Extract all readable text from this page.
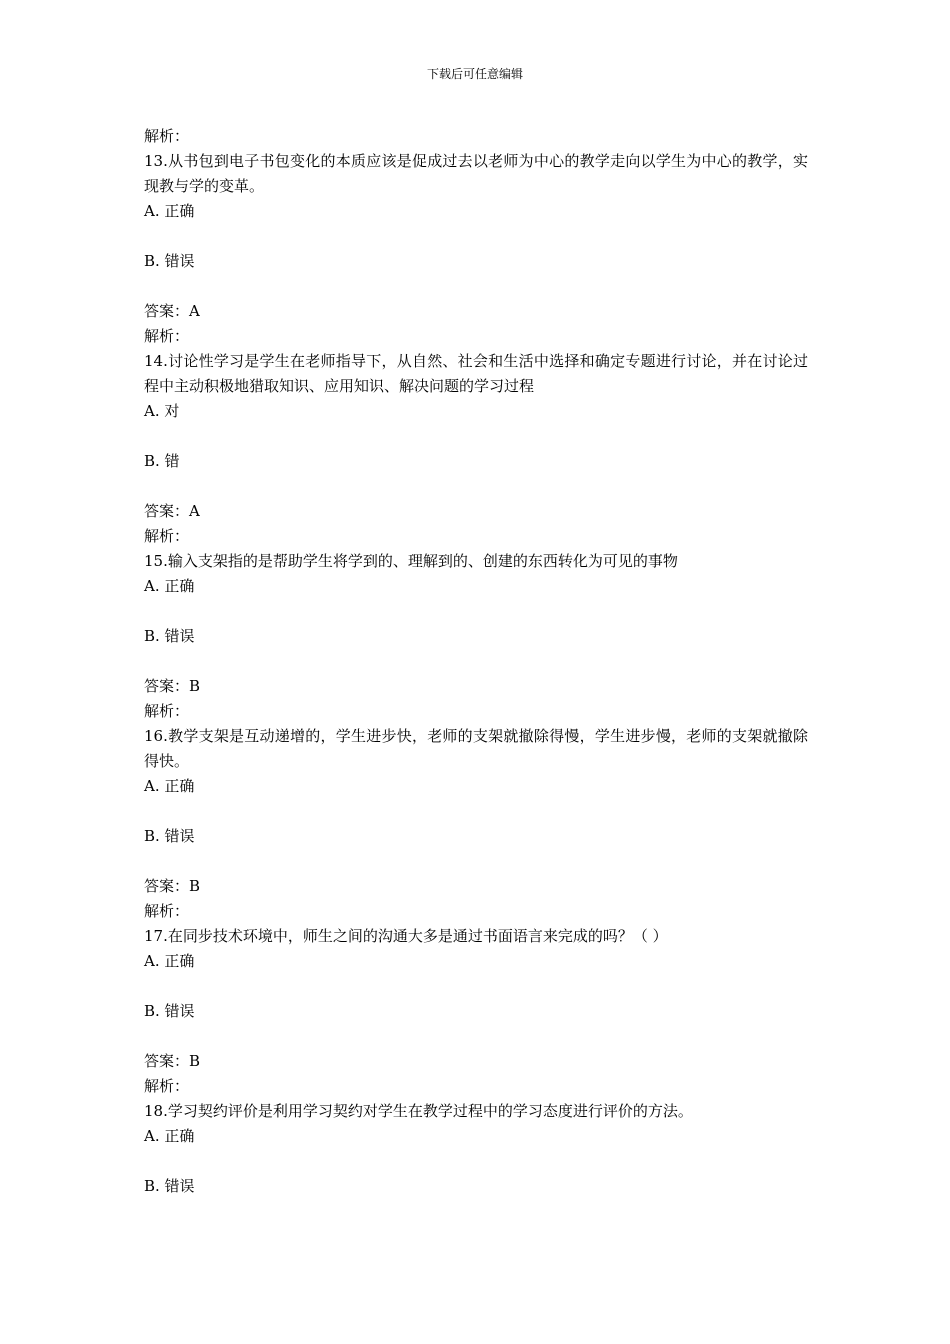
下载后可任意编辑

解析：

13.从书包到电子书包变化的本质应该是促成过去以老师为中心的教学走向以学生为中心的教学，实现教与学的变革。

A. 正确

B. 错误

答案：A

解析：

14.讨论性学习是学生在老师指导下，从自然、社会和生活中选择和确定专题进行讨论，并在讨论过程中主动积极地猎取知识、应用知识、解决问题的学习过程

A. 对

B. 错

答案：A

解析：

15.输入支架指的是帮助学生将学到的、理解到的、创建的东西转化为可见的事物

A. 正确

B. 错误

答案：B

解析：

16.教学支架是互动递增的，学生进步快，老师的支架就撤除得慢，学生进步慢，老师的支架就撤除得快。

A. 正确

B. 错误

答案：B

解析：

17.在同步技术环境中，师生之间的沟通大多是通过书面语言来完成的吗？（ ）

A. 正确

B. 错误

答案：B

解析：

18.学习契约评价是利用学习契约对学生在教学过程中的学习态度进行评价的方法。

A. 正确

B. 错误
